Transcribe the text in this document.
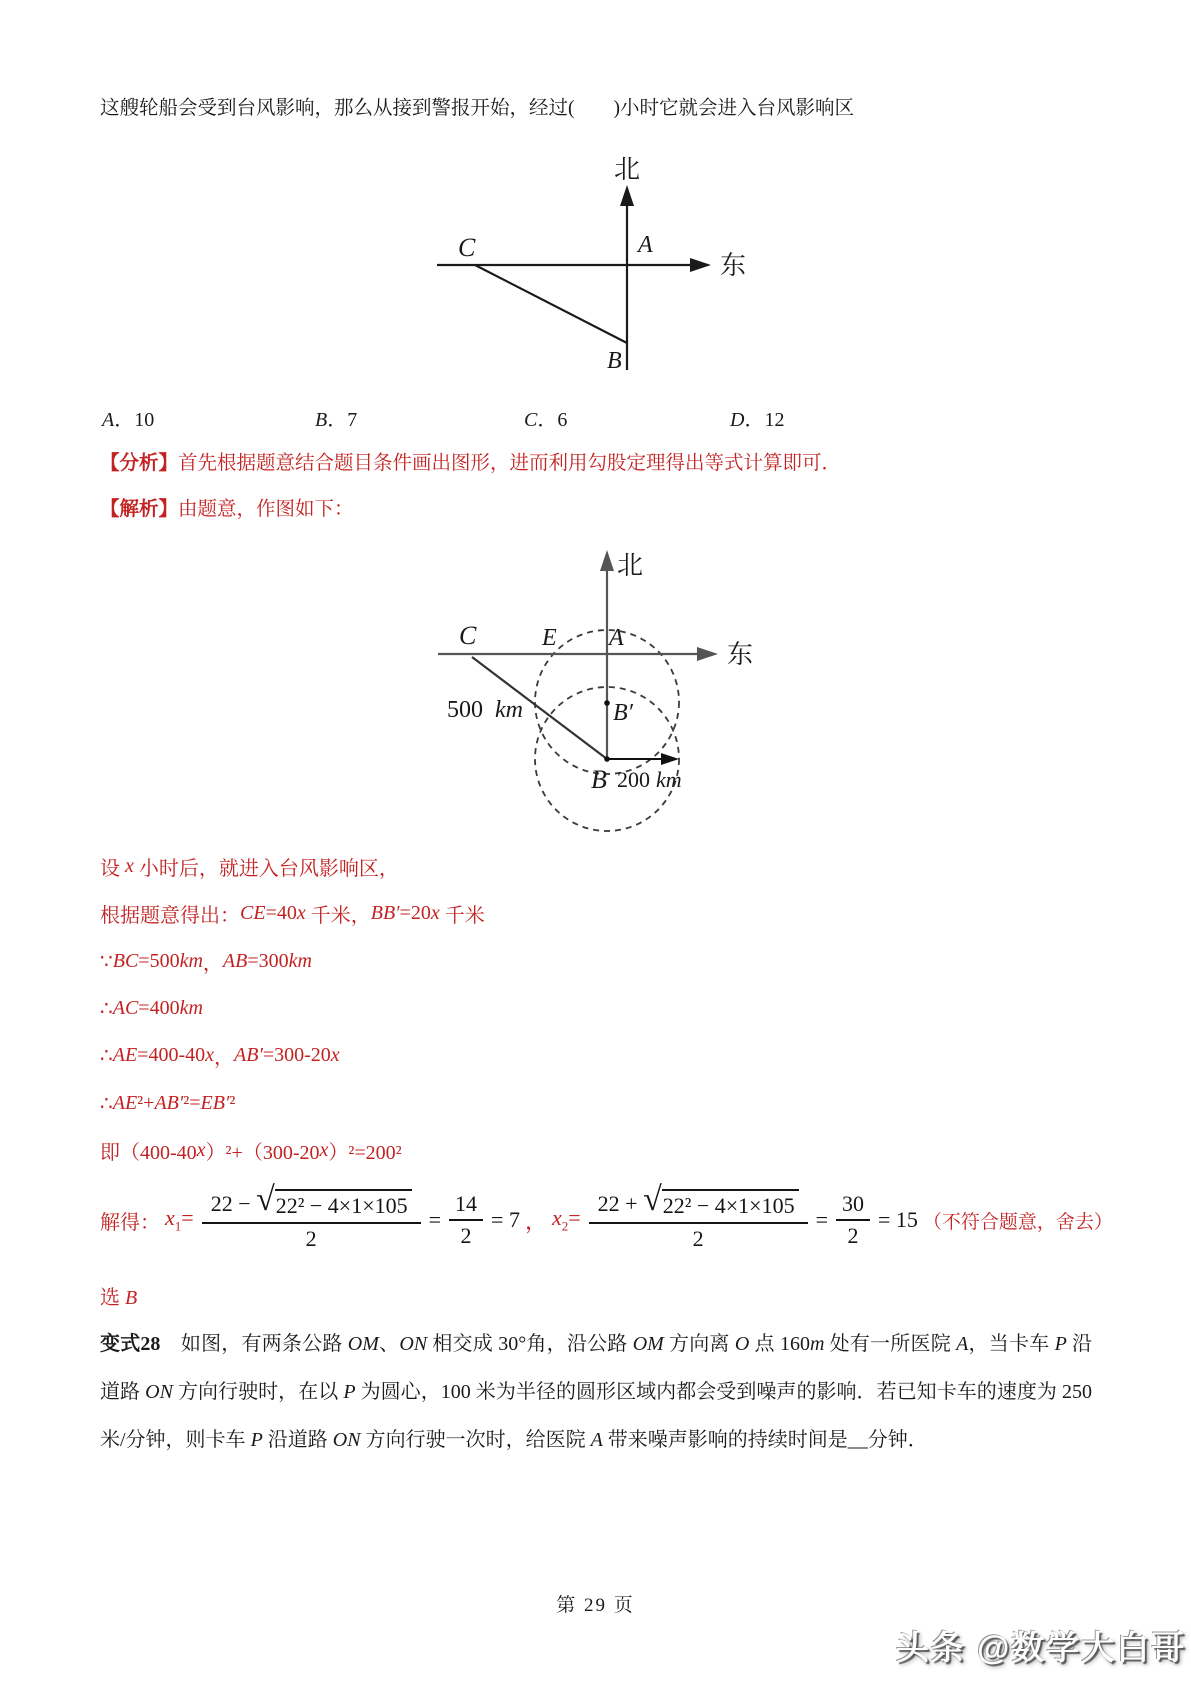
这艘轮船会受到台风影响，那么从接到警报开始，经过(　　)小时它就会进入台风影响区
北
东
A
C
B
A．10	B．7	C．6	D．12
【分析】首先根据题意结合题目条件画出图形，进而利用勾股定理得出等式计算即可．
【解析】由题意，作图如下：
北
东
C	E A
B′
B
500 km
200 km
设 x 小时后，就进入台风影响区，
根据题意得出： CE =40 x 千米， BB′ =20 x 千米
∵ BC =500 km ， AB =300 km
∴ AC =400 km
∴ AE =400-40 x ， AB′ =300-20 x
∴ AE ²+ AB′ ²= EB′ ²
即（400-40 x ）²+（300-20 x ）²=200²
解得： $x_1= \frac{\text{22 − √ 22² − 4×1×105}}{2} = \frac{14}{2} = 7$ ， $x_2= \frac{\text{22 + √ 22² − 4×1×105}}{2} = \frac{30}{2} = 15$ （不符合题意，舍去）
选 B
变式28　如图，有两条公路 OM、ON 相交成 30°角，沿公路 OM 方向离 O 点 160m 处有一所医院 A，当卡车 P 沿道路 ON 方向行驶时，在以 P 为圆心，100 米为半径的圆形区域内都会受到噪声的影响．若已知卡车的速度为 250 米/分钟，则卡车 P 沿道路 ON 方向行驶一次时，给医院 A 带来噪声影响的持续时间是__分钟．
第 29 页
头条 @数学大白哥
